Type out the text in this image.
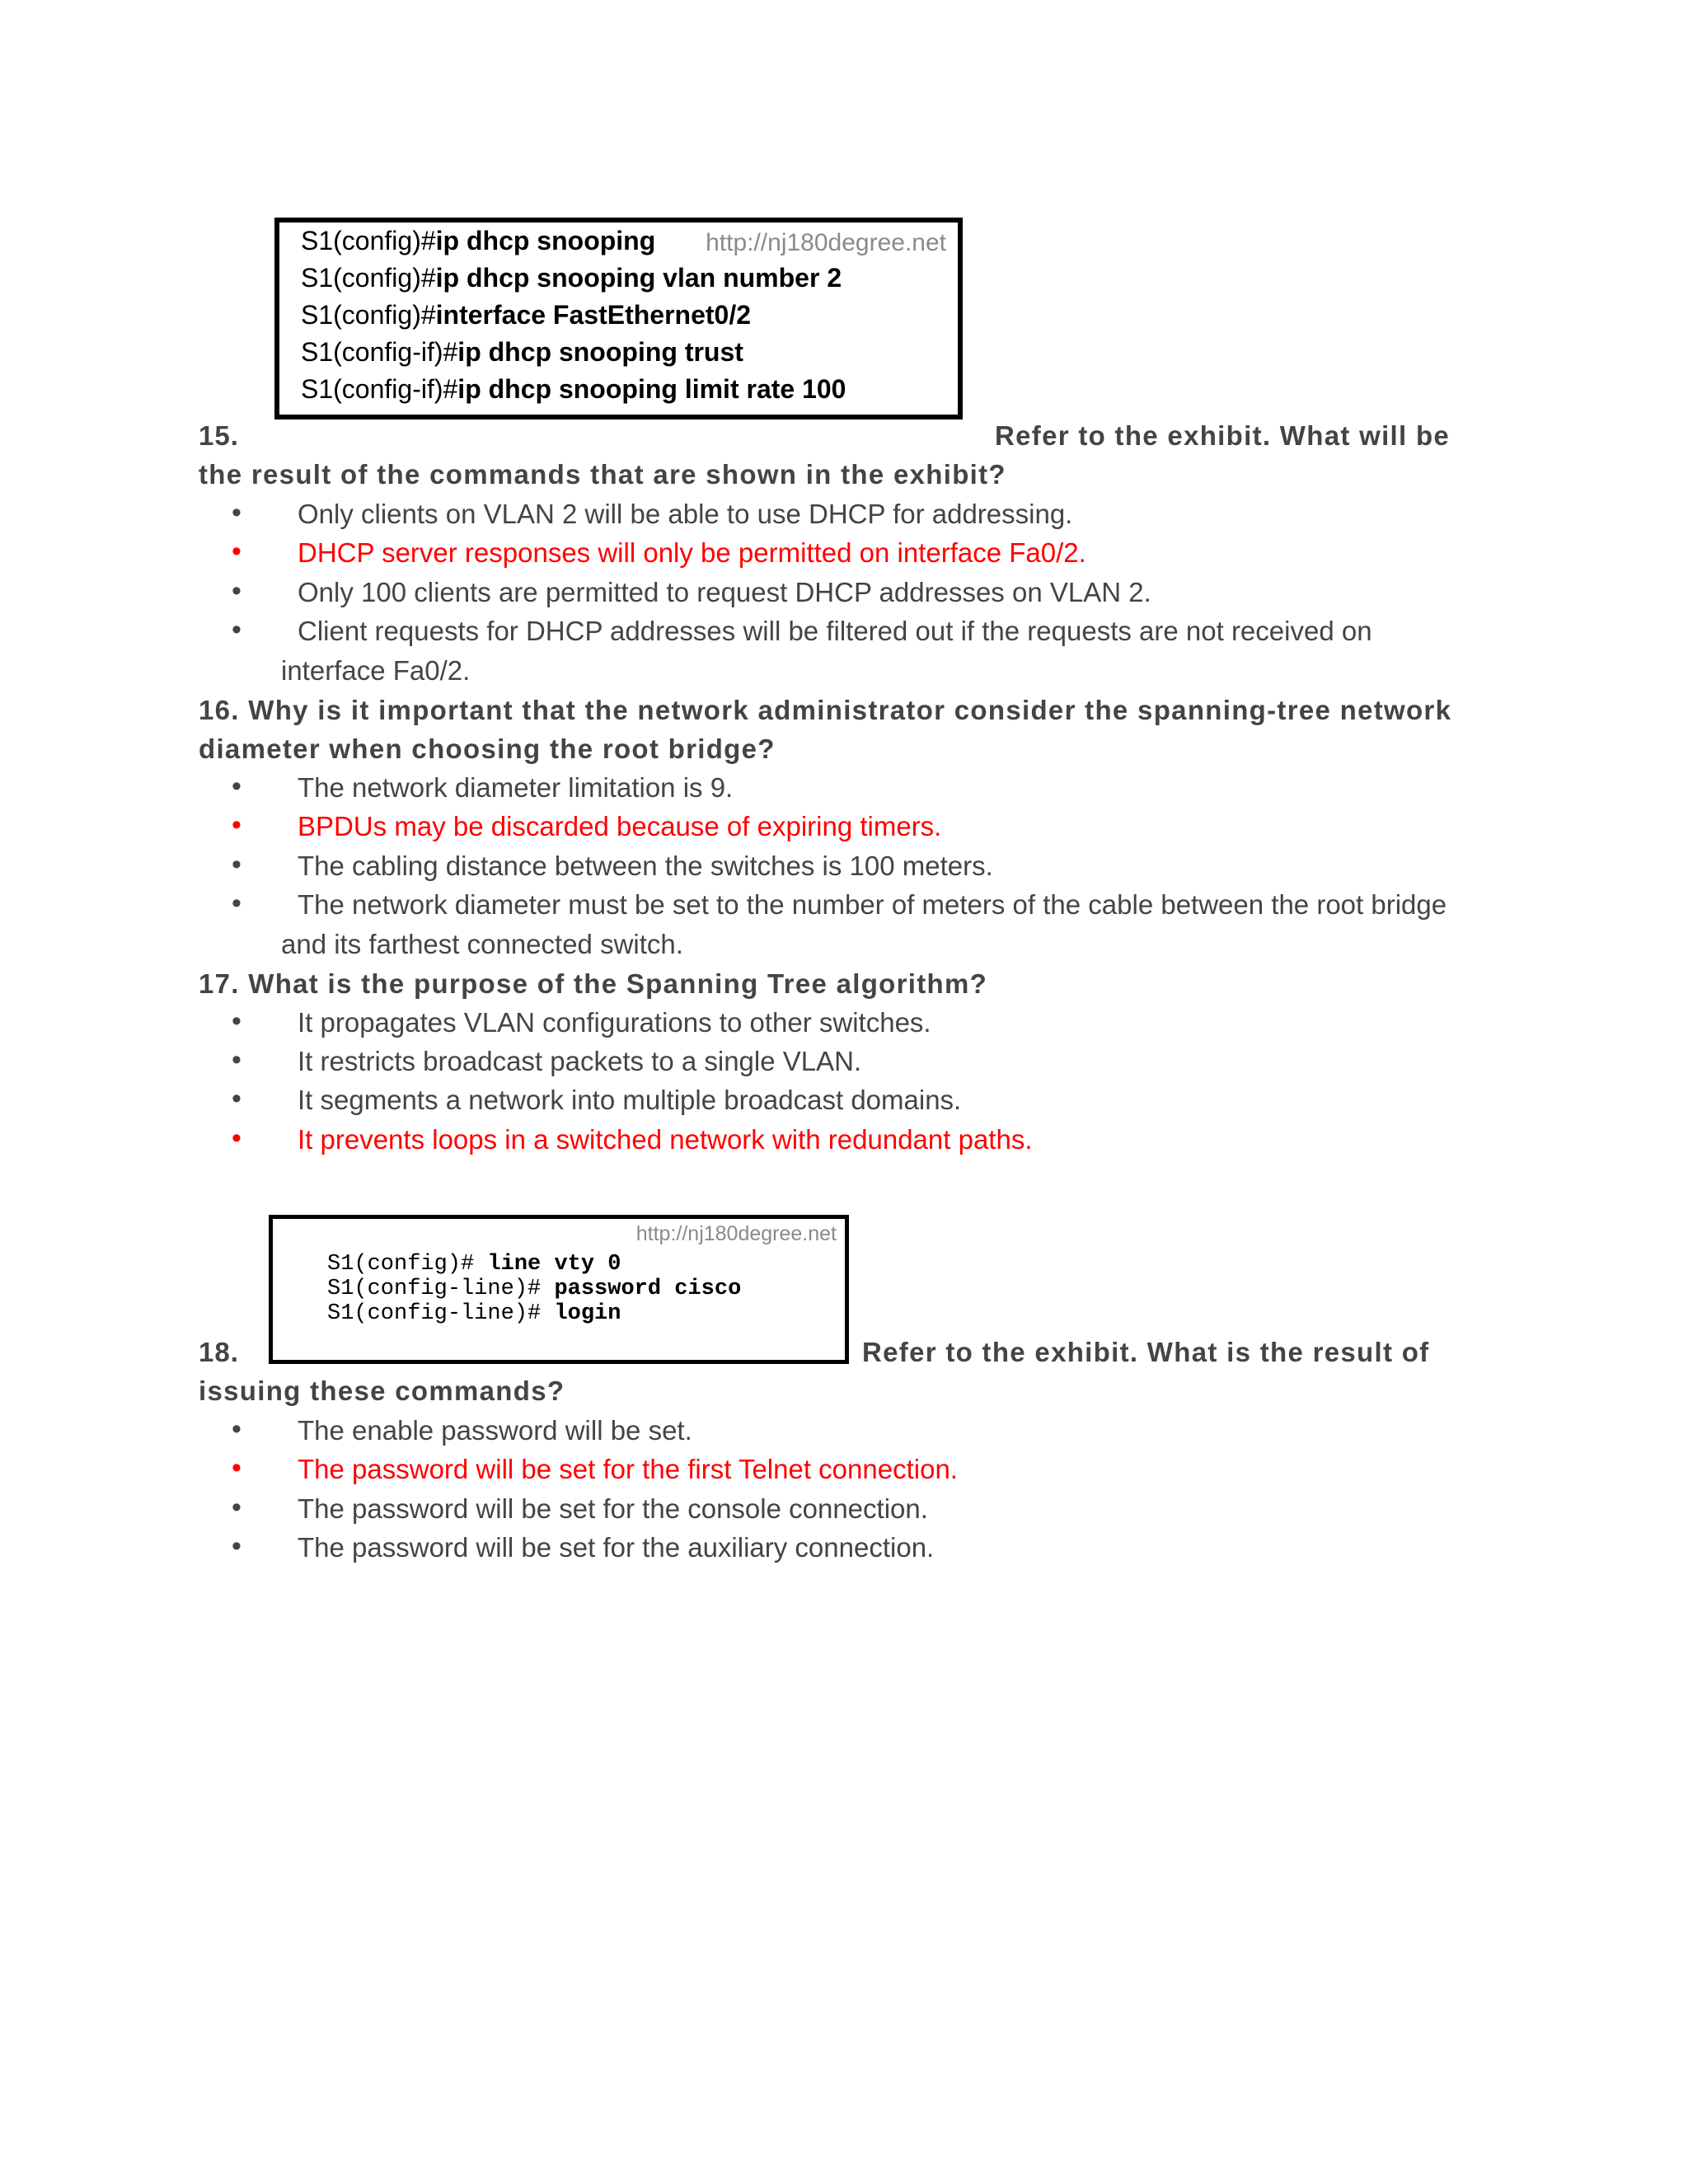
http://nj180degree.net
S1(config)#ip dhcp snooping
S1(config)#ip dhcp snooping vlan number 2
S1(config)#interface FastEthernet0/2
S1(config-if)#ip dhcp snooping trust
S1(config-if)#ip dhcp snooping limit rate 100
15.	Refer to the exhibit. What will be
the result of the commands that are shown in the exhibit?
• Only clients on VLAN 2 will be able to use DHCP for addressing.
• DHCP server responses will only be permitted on interface Fa0/2.
• Only 100 clients are permitted to request DHCP addresses on VLAN 2.
• Client requests for DHCP addresses will be filtered out if the requests are not received on
interface Fa0/2.
16. Why is it important that the network administrator consider the spanning-tree network
diameter when choosing the root bridge?
• The network diameter limitation is 9.
• BPDUs may be discarded because of expiring timers.
• The cabling distance between the switches is 100 meters.
• The network diameter must be set to the number of meters of the cable between the root bridge
and its farthest connected switch.
17. What is the purpose of the Spanning Tree algorithm?
• It propagates VLAN configurations to other switches.
• It restricts broadcast packets to a single VLAN.
• It segments a network into multiple broadcast domains.
• It prevents loops in a switched network with redundant paths.
http://nj180degree.net
S1(config)# line vty 0
S1(config-line)# password cisco
S1(config-line)# login
18.	Refer to the exhibit. What is the result of
issuing these commands?
• The enable password will be set.
• The password will be set for the first Telnet connection.
• The password will be set for the console connection.
• The password will be set for the auxiliary connection.
